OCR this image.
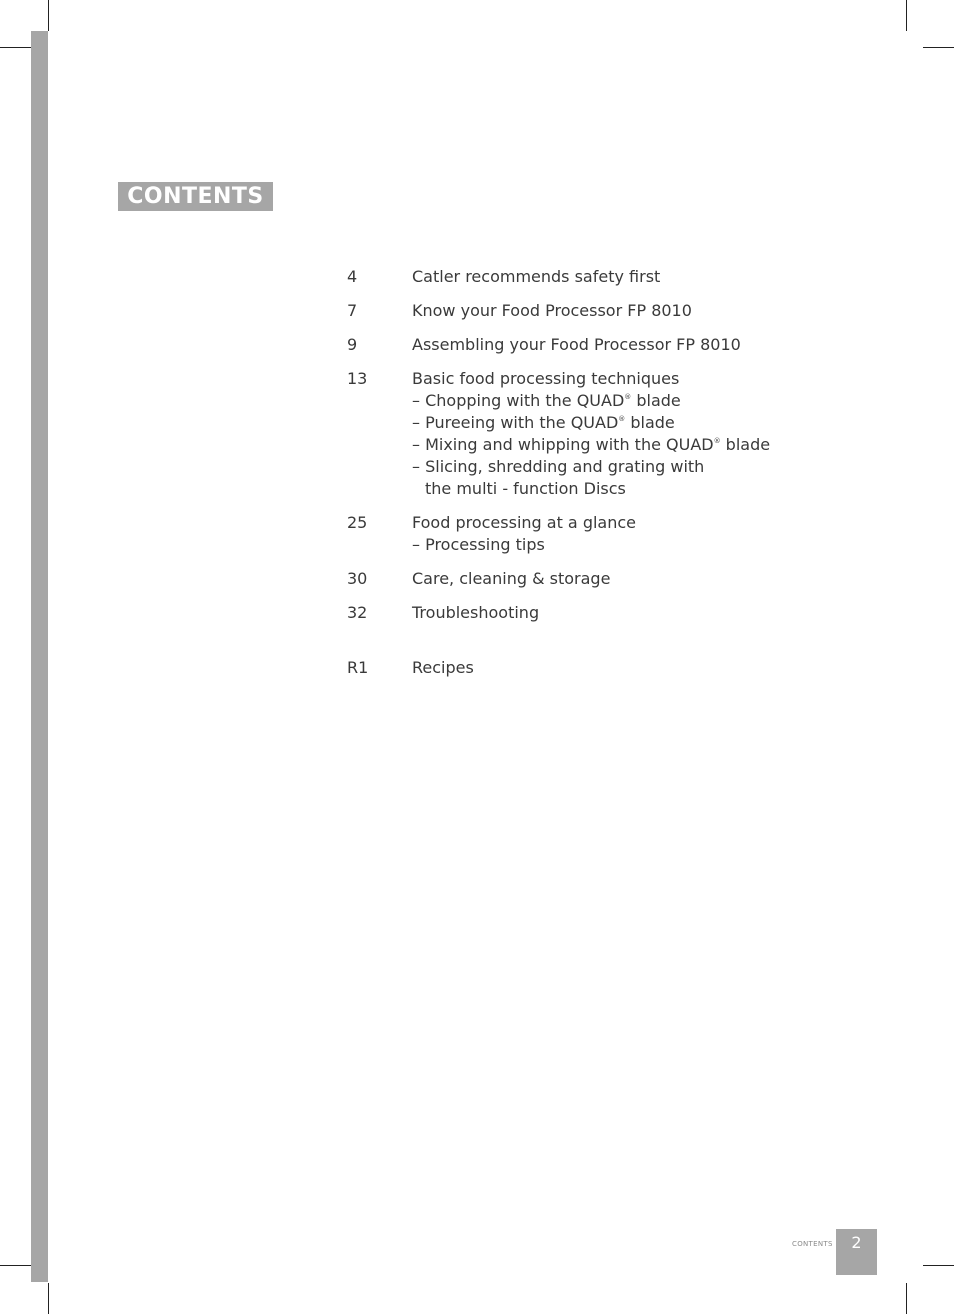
CONTENTS
4	Catler recommends safety first
7	Know your Food Processor FP 8010
9	Assembling your Food Processor FP 8010
13	Basic food processing techniques
– Chopping with the QUAD® blade
– Pureeing with the QUAD® blade
– Mixing and whipping with the QUAD® blade
– Slicing, shredding and grating with
the multi - function Discs
25	Food processing at a glance
– Processing tips
30	Care, cleaning & storage
32	Troubleshooting
R1	Recipes
CONTENTS	2
